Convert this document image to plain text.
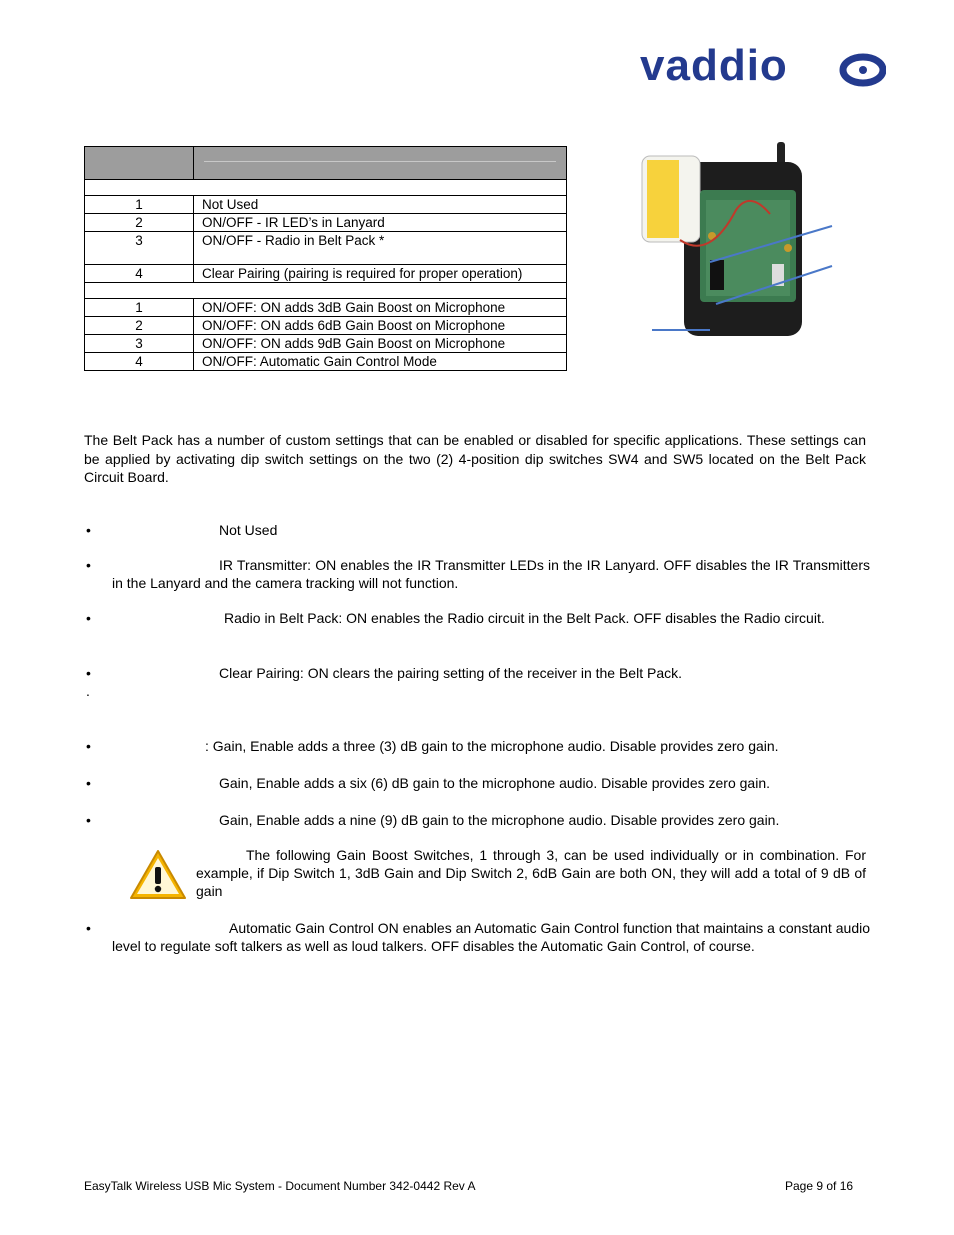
vaddio

1	Not Used
2	ON/OFF - IR LED’s in Lanyard
3	ON/OFF - Radio in Belt Pack *
4	Clear Pairing (pairing is required for proper operation)

1	ON/OFF: ON adds 3dB Gain Boost on Microphone
2	ON/OFF: ON adds 6dB Gain Boost on Microphone
3	ON/OFF: ON adds 9dB Gain Boost on Microphone
4	ON/OFF: Automatic Gain Control Mode
The Belt Pack has a number of custom settings that can be enabled or disabled for specific applications. These settings can be applied by activating dip switch settings on the two (2) 4-position dip switches SW4 and SW5 located on the Belt Pack Circuit Board.
•	Not Used
•	IR Transmitter: ON enables the IR Transmitter LEDs in the IR Lanyard. OFF disables the IR Transmitters in the Lanyard and the camera tracking will not function.
•	Radio in Belt Pack: ON enables the Radio circuit in the Belt Pack. OFF disables the Radio circuit.
•	Clear Pairing: ON clears the pairing setting of the receiver in the Belt Pack.
.
•	: Gain, Enable adds a three (3) dB gain to the microphone audio. Disable provides zero gain.
•	Gain, Enable adds a six (6) dB gain to the microphone audio. Disable provides zero gain.
•	Gain, Enable adds a nine (9) dB gain to the microphone audio. Disable provides zero gain.
The following Gain Boost Switches, 1 through 3, can be used individually or in combination. For example, if Dip Switch 1, 3dB Gain and Dip Switch 2, 6dB Gain are both ON, they will add a total of 9 dB of gain
•	Automatic Gain Control ON enables an Automatic Gain Control function that maintains a constant audio level to regulate soft talkers as well as loud talkers. OFF disables the Automatic Gain Control, of course.
EasyTalk Wireless USB Mic System - Document Number 342-0442 Rev A	Page 9 of 16
